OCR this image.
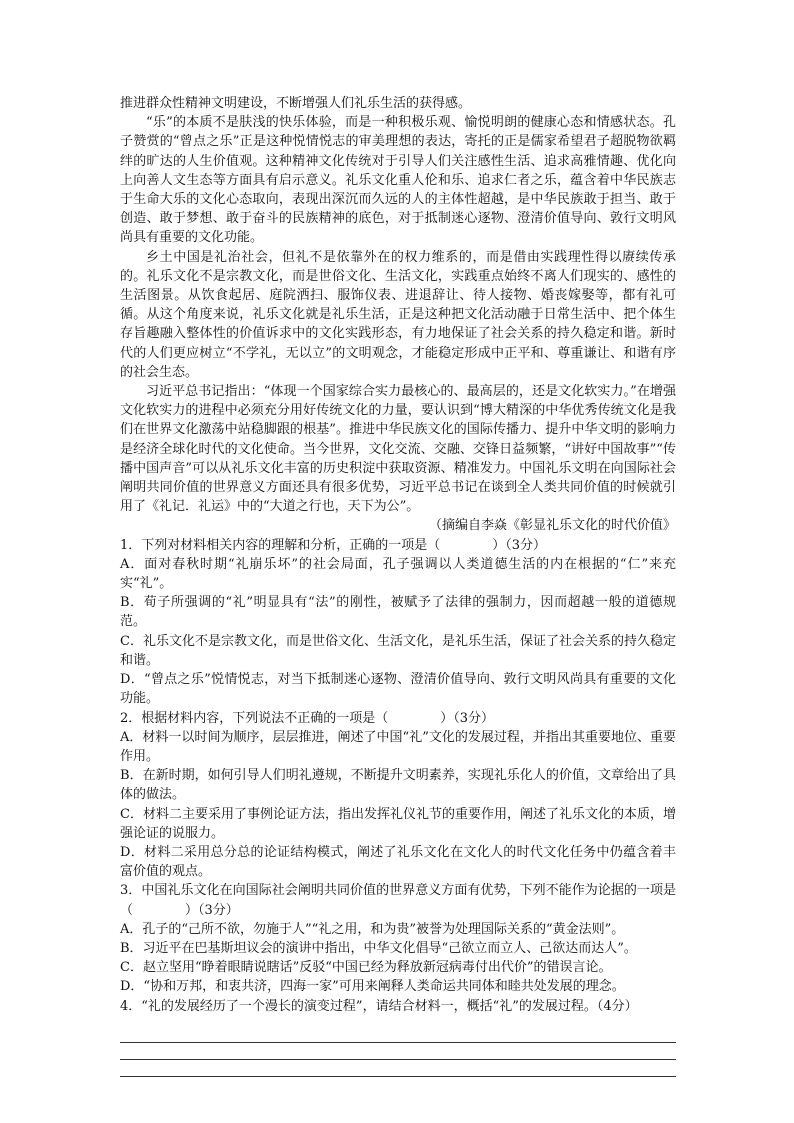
推进群众性精神文明建设，不断增强人们礼乐生活的获得感。

“乐”的本质不是肤浅的快乐体验，而是一种积极乐观、愉悦明朗的健康心态和情感状态。孔子赞赏的“曾点之乐”正是这种悦情悦志的审美理想的表达，寄托的正是儒家希望君子超脱物欲羁绊的旷达的人生价值观。这种精神文化传统对于引导人们关注感性生活、追求高雅情趣、优化向上向善人文生态等方面具有启示意义。礼乐文化重人伦和乐、追求仁者之乐，蕴含着中华民族志于生命大乐的文化心态取向，表现出深沉而久远的人的主体性超越，是中华民族敢于担当、敢于创造、敢于梦想、敢于奋斗的民族精神的底色，对于抵制迷心逐物、澄清价值导向、敦行文明风尚具有重要的文化功能。

乡土中国是礼治社会，但礼不是依靠外在的权力维系的，而是借由实践理性得以赓续传承的。礼乐文化不是宗教文化，而是世俗文化、生活文化，实践重点始终不离人们现实的、感性的生活图景。从饮食起居、庭院洒扫、服饰仪表、进退辞让、待人接物、婚丧嫁娶等，都有礼可循。从这个角度来说，礼乐文化就是礼乐生活，正是这种把文化活动融于日常生活中、把个体生存旨趣融入整体性的价值诉求中的文化实践形态，有力地保证了社会关系的持久稳定和谐。新时代的人们更应树立“不学礼，无以立”的文明观念，才能稳定形成中正平和、尊重谦让、和谐有序的社会生态。

习近平总书记指出：“体现一个国家综合实力最核心的、最高层的，还是文化软实力。”在增强文化软实力的进程中必须充分用好传统文化的力量，要认识到“博大精深的中华优秀传统文化是我们在世界文化激荡中站稳脚跟的根基”。推进中华民族文化的国际传播力、提升中华文明的影响力是经济全球化时代的文化使命。当今世界，文化交流、交融、交锋日益频繁，“讲好中国故事”“传播中国声音”可以从礼乐文化丰富的历史积淀中获取资源、精准发力。中国礼乐文明在向国际社会阐明共同价值的世界意义方面还具有很多优势，习近平总书记在谈到全人类共同价值的时候就引用了《礼记．礼运》中的“大道之行也，天下为公”。

（摘编自李焱《彰显礼乐文化的时代价值》

1．下列对材料相关内容的理解和分析，正确的一项是（　　　　）（3分）

A．面对春秋时期“礼崩乐坏”的社会局面，孔子强调以人类道德生活的内在根据的“仁”来充实“礼”。

B．荀子所强调的“礼”明显具有“法”的刚性，被赋予了法律的强制力，因而超越一般的道德规范。

C．礼乐文化不是宗教文化，而是世俗文化、生活文化，是礼乐生活，保证了社会关系的持久稳定和谐。

D．“曾点之乐”悦情悦志，对当下抵制迷心逐物、澄清价值导向、敦行文明风尚具有重要的文化功能。

2．根据材料内容，下列说法不正确的一项是（　　　　）（3分）

A．材料一以时间为顺序，层层推进，阐述了中国“礼”文化的发展过程，并指出其重要地位、重要作用。

B．在新时期，如何引导人们明礼遵规，不断提升文明素养，实现礼乐化人的价值，文章给出了具体的做法。

C．材料二主要采用了事例论证方法，指出发挥礼仪礼节的重要作用，阐述了礼乐文化的本质，增强论证的说服力。

D．材料二采用总分总的论证结构模式，阐述了礼乐文化在文化人的时代文化任务中仍蕴含着丰富价值的观点。

3．中国礼乐文化在向国际社会阐明共同价值的世界意义方面有优势，下列不能作为论据的一项是（　　　　）（3分）

A．孔子的“己所不欲，勿施于人”“礼之用，和为贵”被誉为处理国际关系的“黄金法则”。

B．习近平在巴基斯坦议会的演讲中指出，中华文化倡导“己欲立而立人、己欲达而达人”。

C．赵立坚用“睁着眼睛说瞎话”反驳“中国已经为释放新冠病毒付出代价”的错误言论。

D．“协和万邦，和衷共济，四海一家”可用来阐释人类命运共同体和睦共处发展的理念。

4．“礼的发展经历了一个漫长的演变过程”，请结合材料一，概括“礼”的发展过程。（4分）
